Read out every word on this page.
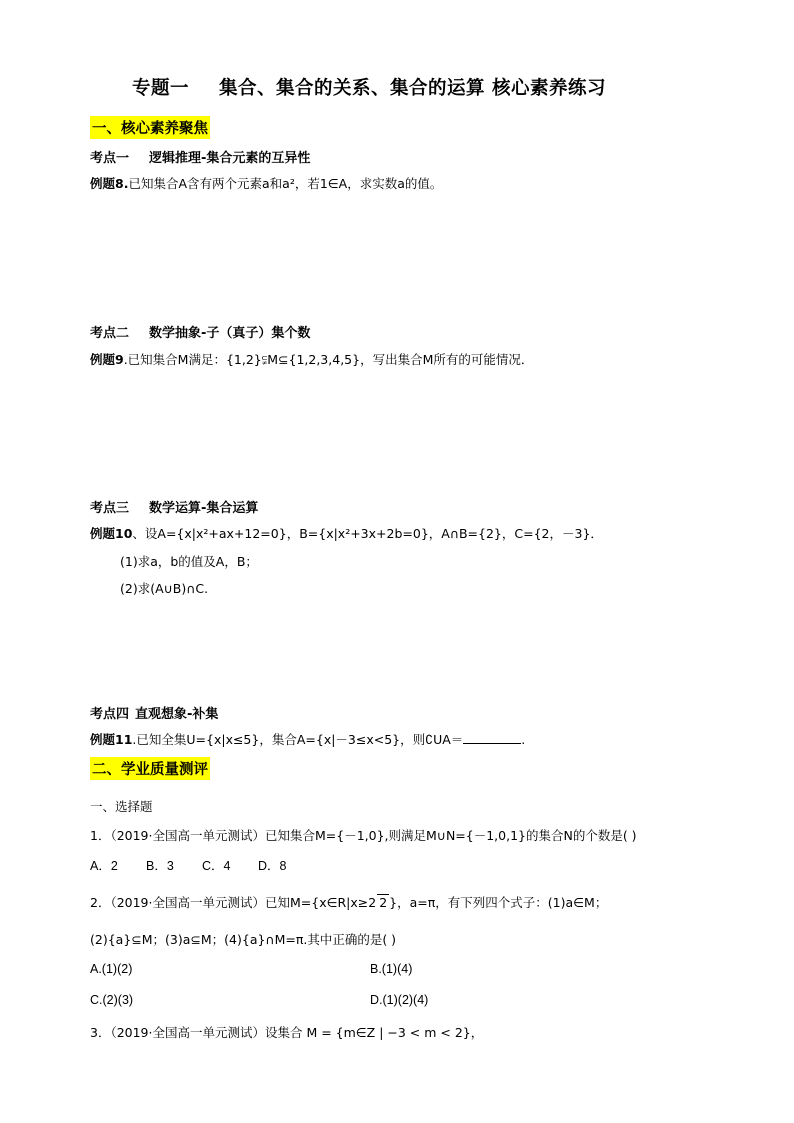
专题一 集合、集合的关系、集合的运算 核心素养练习
一、核心素养聚焦
考点一 逻辑推理-集合元素的互异性
例题8.已知集合A含有两个元素a和a²，若1∈A，求实数a的值。
考点二 数学抽象-子（真子）集个数
例题9.已知集合M满足：{1,2}⫋M⊆{1,2,3,4,5}，写出集合M所有的可能情况．
考点三 数学运算-集合运算
例题10、设A={x|x²+ax+12=0}，B={x|x²+3x+2b=0}，A∩B={2}，C={2，－3}．
(1)求a，b的值及A，B；
(2)求(A∪B)∩C.
考点四 直观想象-补集
例题11.已知全集U={x|x≤5}，集合A={x|－3≤x<5}，则∁UA＝	.
二、学业质量测评
一、选择题
1．（2019·全国高一单元测试）已知集合M={－1,0},则满足M∪N={－1,0,1}的集合N的个数是( )
A．2 B．3 C．4 D．8
2．（2019·全国高一单元测试）已知M={x∈R|x≥2 2 }，a=π，有下列四个式子：(1)a∈M；
(2){a}⊆M；(3)a⊆M；(4){a}∩M=π.其中正确的是( )
A.(1)(2)	B.(1)(4)
C.(2)(3)	D.(1)(2)(4)
3．（2019·全国高一单元测试）设集合 M = {m∈Z | −3 < m < 2}，
